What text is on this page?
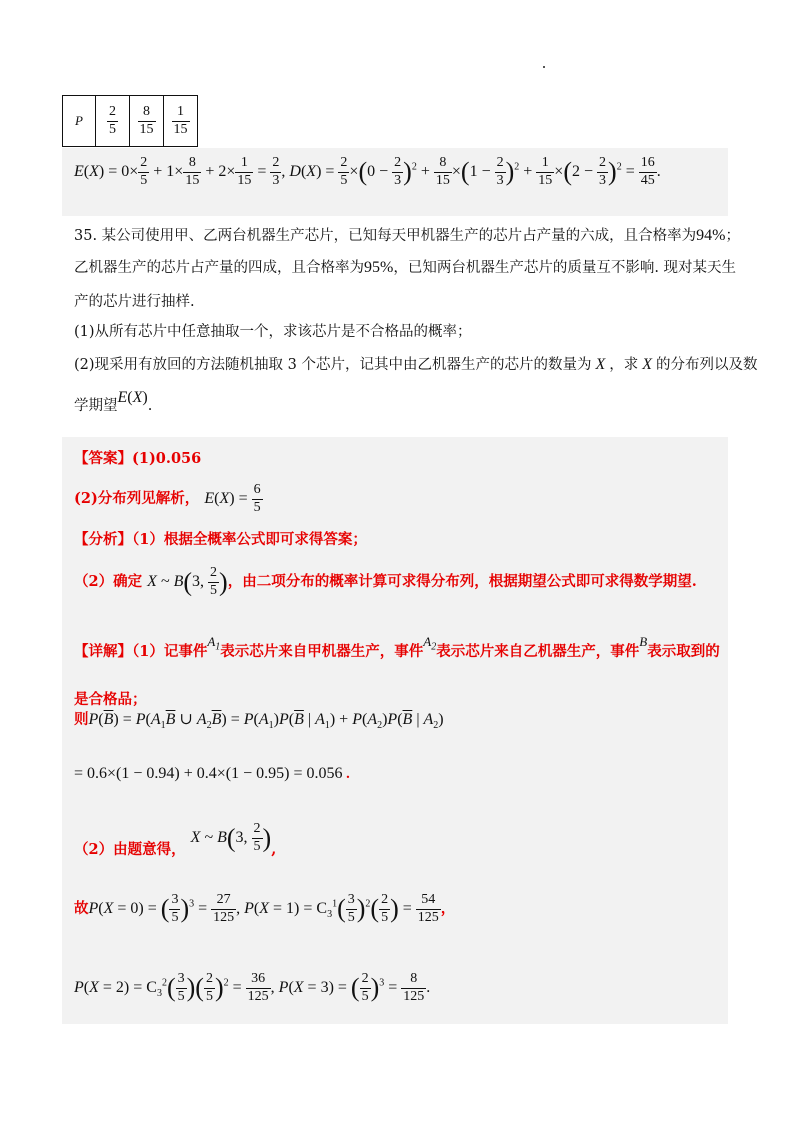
P	$\frac{2}{5}$	$\frac{8}{15}$	$\frac{1}{15}$
$E(X) = 0\times \frac{2}{5} + 1\times \frac{8}{15} + 2\times \frac{1}{15} = \frac{2}{3}$ , $D(X) = \frac{2}{5} \times(0 - \frac{2}{3} )^2 + \frac{8}{15} \times(1 - \frac{2}{3} )^2 + \frac{1}{15} \times(2 - \frac{2}{3} )^2 = \frac{16}{45}$ .
35. 某公司使用甲、乙两台机器生产芯片，已知每天甲机器生产的芯片占产量的六成，且合格率为94%；
乙机器生产的芯片占产量的四成，且合格率为95%，已知两台机器生产芯片的质量互不影响. 现对某天生
产的芯片进行抽样.
(1)从所有芯片中任意抽取一个，求该芯片是不合格品的概率；
(2)现采用有放回的方法随机抽取 3 个芯片，记其中由乙机器生产的芯片的数量为 X ，求 X 的分布列以及数
学期望E(X).
【答案】(1)0.056
(2)分布列见解析， $E(X) = \frac{6}{5}$
【分析】（1）根据全概率公式即可求得答案；
（2）确定 X ~ B(3, $\frac{2}{5}$ )，由二项分布的概率计算可求得分布列，根据期望公式即可求得数学期望.
【详解】（1）记事件$A_1$表示芯片来自甲机器生产，事件$A_2$表示芯片来自乙机器生产，事件B表示取到的
是合格品；
则$P(\overline{B}) = P(A_1\overline{B}$ ∪ $A_2\overline{B}) = P(A_1)P(\overline{B}$ | $A_1) + P(A_2)P(\overline{B}$ | $A_2$)
= 0.6×(1 − 0.94) + 0.4×(1 − 0.95) = 0.056 .
（2）由题意得， X ~ B(3, $\frac{2}{5}$ ),
故P(X = 0) = ( $\frac{3}{5} )^3 = \frac{27}{125}$ , $P(X = 1) = C_3^1( \frac{3}{5} )^2( \frac{2}{5}$ ) = $\frac{54}{125}$ ，
$P(X = 2) = C_3^2( \frac{3}{5}$ )( $\frac{2}{5} )^2 = \frac{36}{125}$ , P(X = 3) = ( $\frac{2}{5} )^3 = \frac{8}{125}$ .
